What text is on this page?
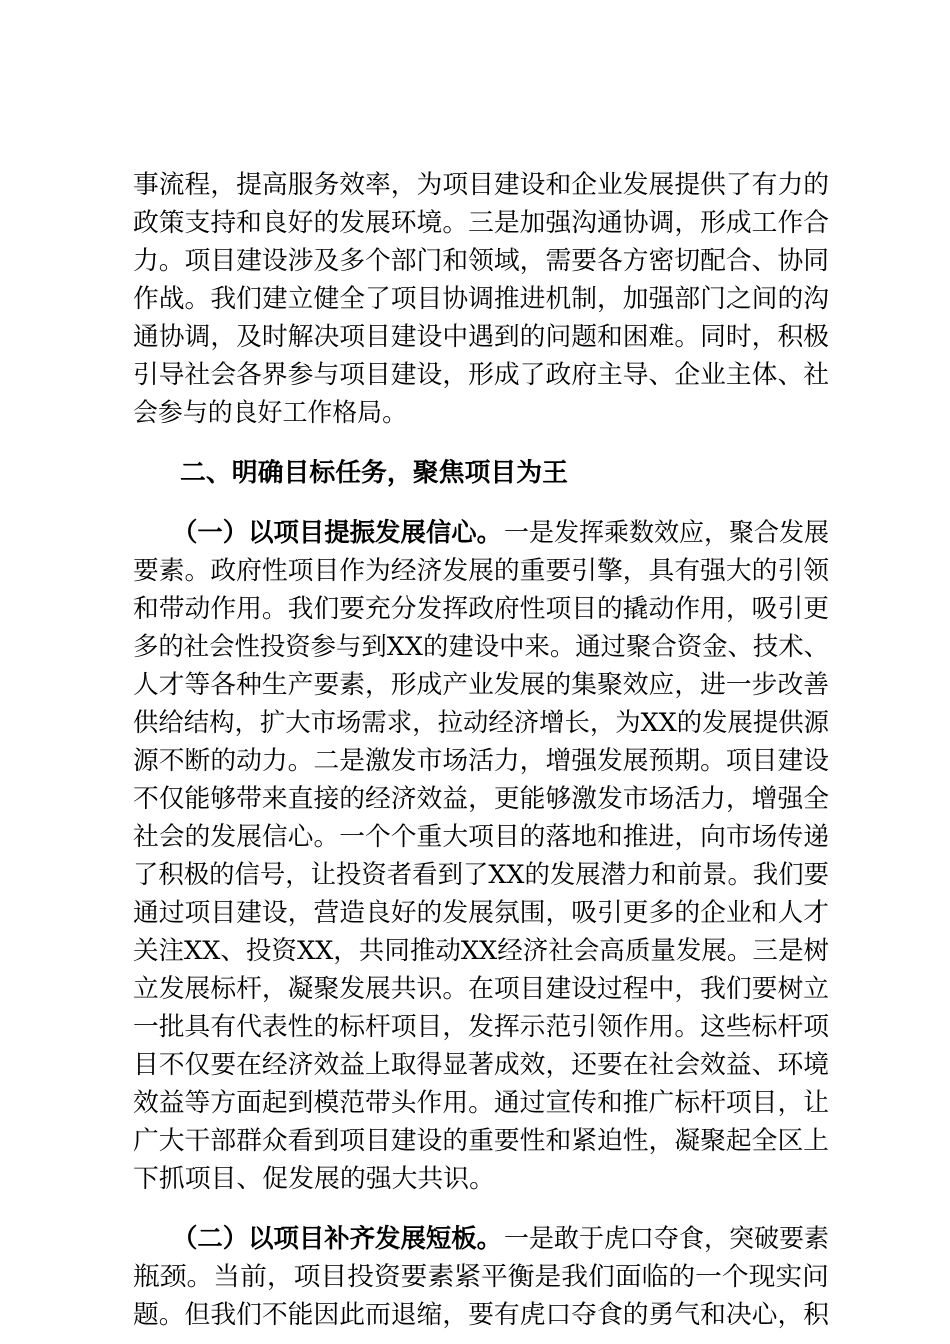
事流程，提高服务效率，为项目建设和企业发展提供了有力的
政策支持和良好的发展环境。三是加强沟通协调，形成工作合
力。项目建设涉及多个部门和领域，需要各方密切配合、协同
作战。我们建立健全了项目协调推进机制，加强部门之间的沟
通协调，及时解决项目建设中遇到的问题和困难。同时，积极
引导社会各界参与项目建设，形成了政府主导、企业主体、社
会参与的良好工作格局。
二、明确目标任务，聚焦项目为王
（一）以项目提振发展信心。 一是发挥乘数效应，聚合发展
要素。政府性项目作为经济发展的重要引擎，具有强大的引领
和带动作用。我们要充分发挥政府性项目的撬动作用，吸引更
多的社会性投资参与到XX的建设中来。通过聚合资金、技术、
人才等各种生产要素，形成产业发展的集聚效应，进一步改善
供给结构，扩大市场需求，拉动经济增长，为XX的发展提供源
源不断的动力。二是激发市场活力，增强发展预期。项目建设
不仅能够带来直接的经济效益，更能够激发市场活力，增强全
社会的发展信心。一个个重大项目的落地和推进，向市场传递
了积极的信号，让投资者看到了XX的发展潜力和前景。我们要
通过项目建设，营造良好的发展氛围，吸引更多的企业和人才
关注XX、投资XX，共同推动XX经济社会高质量发展。三是树
立发展标杆，凝聚发展共识。在项目建设过程中，我们要树立
一批具有代表性的标杆项目，发挥示范引领作用。这些标杆项
目不仅要在经济效益上取得显著成效，还要在社会效益、环境
效益等方面起到模范带头作用。通过宣传和推广标杆项目，让
广大干部群众看到项目建设的重要性和紧迫性，凝聚起全区上
下抓项目、促发展的强大共识。
（二）以项目补齐发展短板。 一是敢于虎口夺食，突破要素
瓶颈。当前，项目投资要素紧平衡是我们面临的一个现实问
题。但我们不能因此而退缩，要有虎口夺食的勇气和决心，积
